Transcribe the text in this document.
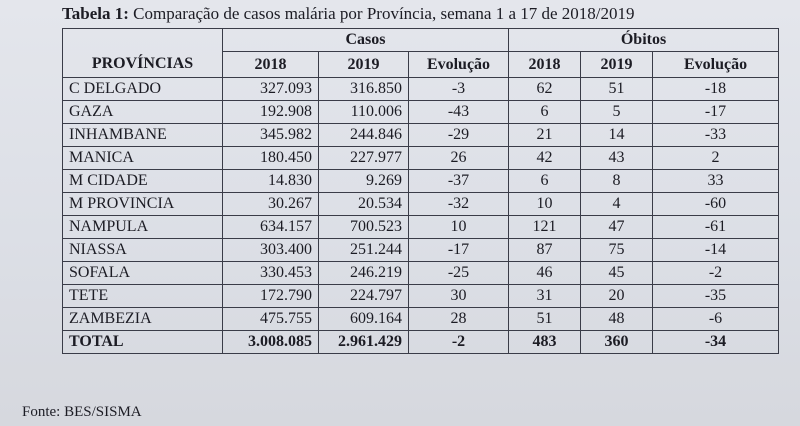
Tabela 1: Comparação de casos malária por Província, semana 1 a 17 de 2018/2019
PROVÍNCIAS	Casos			Óbitos		
	2018	2019	Evolução	2018	2019	Evolução
C DELGADO	327.093	316.850	-3	62	51	-18
GAZA	192.908	110.006	-43	6	5	-17
INHAMBANE	345.982	244.846	-29	21	14	-33
MANICA	180.450	227.977	26	42	43	2
M CIDADE	14.830	9.269	-37	6	8	33
M PROVINCIA	30.267	20.534	-32	10	4	-60
NAMPULA	634.157	700.523	10	121	47	-61
NIASSA	303.400	251.244	-17	87	75	-14
SOFALA	330.453	246.219	-25	46	45	-2
TETE	172.790	224.797	30	31	20	-35
ZAMBEZIA	475.755	609.164	28	51	48	-6
TOTAL	3.008.085	2.961.429	-2	483	360	-34
Fonte: BES/SISMA
